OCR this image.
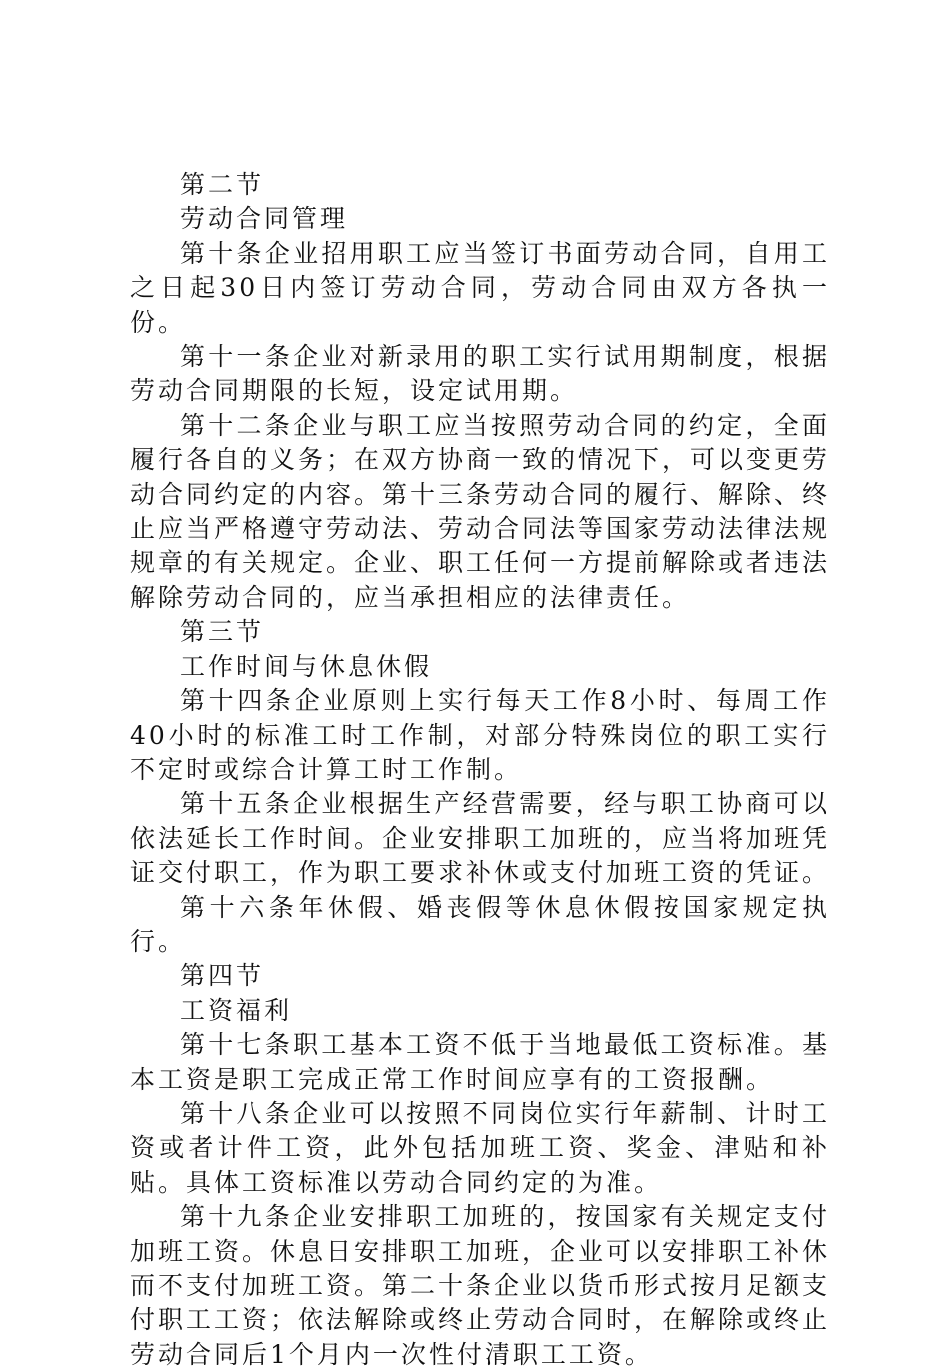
第二节

劳动合同管理

第十条企业招用职工应当签订书面劳动合同，自用工之日起30日内签订劳动合同，劳动合同由双方各执一份。

第十一条企业对新录用的职工实行试用期制度，根据劳动合同期限的长短，设定试用期。

第十二条企业与职工应当按照劳动合同的约定，全面履行各自的义务；在双方协商一致的情况下，可以变更劳动合同约定的内容。第十三条劳动合同的履行、解除、终止应当严格遵守劳动法、劳动合同法等国家劳动法律法规规章的有关规定。企业、职工任何一方提前解除或者违法解除劳动合同的，应当承担相应的法律责任。

第三节

工作时间与休息休假

第十四条企业原则上实行每天工作8小时、每周工作40小时的标准工时工作制，对部分特殊岗位的职工实行不定时或综合计算工时工作制。

第十五条企业根据生产经营需要，经与职工协商可以依法延长工作时间。企业安排职工加班的，应当将加班凭证交付职工，作为职工要求补休或支付加班工资的凭证。

第十六条年休假、婚丧假等休息休假按国家规定执行。

第四节

工资福利

第十七条职工基本工资不低于当地最低工资标准。基本工资是职工完成正常工作时间应享有的工资报酬。

第十八条企业可以按照不同岗位实行年薪制、计时工资或者计件工资，此外包括加班工资、奖金、津贴和补贴。具体工资标准以劳动合同约定的为准。

第十九条企业安排职工加班的，按国家有关规定支付加班工资。休息日安排职工加班，企业可以安排职工补休而不支付加班工资。第二十条企业以货币形式按月足额支付职工工资；依法解除或终止劳动合同时，在解除或终止劳动合同后1个月内一次性付清职工工资。
